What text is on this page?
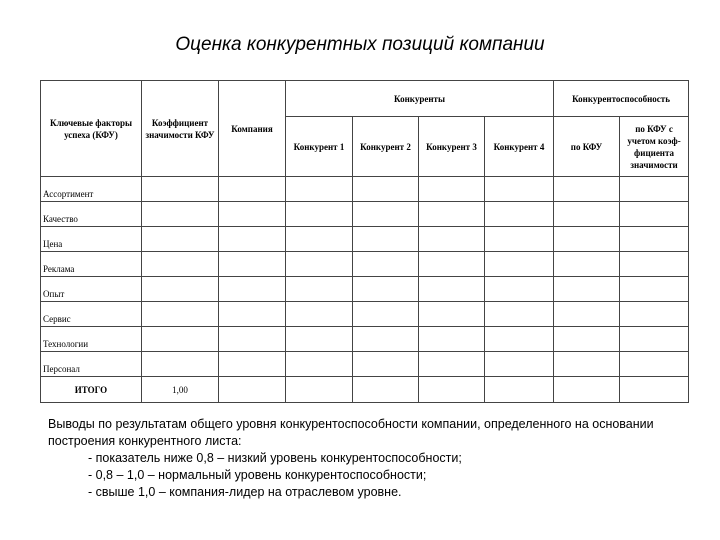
Оценка конкурентных позиций компании
Ключевые факторы успеха (КФУ)	Коэффициент значимости КФУ	Компания	Конкуренты				Конкурентоспособность	
			Конкурент 1	Конкурент 2	Конкурент 3	Конкурент 4	по КФУ	по КФУ с учетом коэф-фициента значимости
Ассортимент								
Качество								
Цена								
Реклама								
Опыт								
Сервис								
Технологии								
Персонал								
ИТОГО	1,00							
Выводы по результатам общего уровня конкурентоспособности компании, определенного на основании построения конкурентного листа:
- показатель ниже 0,8 – низкий уровень конкурентоспособности;
- 0,8 – 1,0 – нормальный уровень конкурентоспособности;
- свыше 1,0 – компания-лидер на отраслевом уровне.
